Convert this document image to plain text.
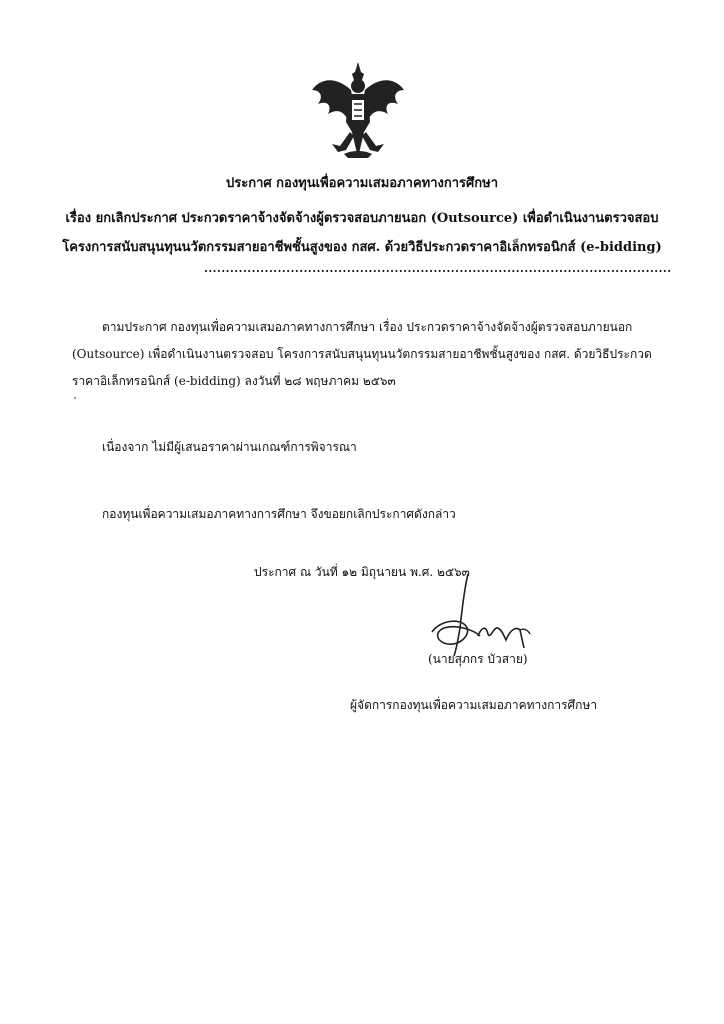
ประกาศ กองทุนเพื่อความเสมอภาคทางการศึกษา
เรื่อง ยกเลิกประกาศ ประกวดราคาจ้างจัดจ้างผู้ตรวจสอบภายนอก (Outsource) เพื่อดำเนินงานตรวจสอบ
โครงการสนับสนุนทุนนวัตกรรมสายอาชีพชั้นสูงของ กสศ. ด้วยวิธีประกวดราคาอิเล็กทรอนิกส์ (e-bidding)
............................................................................................................
ตามประกาศ กองทุนเพื่อความเสมอภาคทางการศึกษา เรื่อง ประกวดราคาจ้างจัดจ้างผู้ตรวจสอบภายนอก
(Outsource) เพื่อดำเนินงานตรวจสอบ โครงการสนับสนุนทุนนวัตกรรมสายอาชีพชั้นสูงของ กสศ. ด้วยวิธีประกวด
ราคาอิเล็กทรอนิกส์ (e-bidding) ลงวันที่ ๒๘ พฤษภาคม ๒๕๖๓
เนื่องจาก ไม่มีผู้เสนอราคาผ่านเกณฑ์การพิจารณา
กองทุนเพื่อความเสมอภาคทางการศึกษา จึงขอยกเลิกประกาศดังกล่าว
ประกาศ ณ วันที่ ๑๒ มิถุนายน พ.ศ. ๒๕๖๓
(นายสุภกร บัวสาย)
ผู้จัดการกองทุนเพื่อความเสมอภาคทางการศึกษา
